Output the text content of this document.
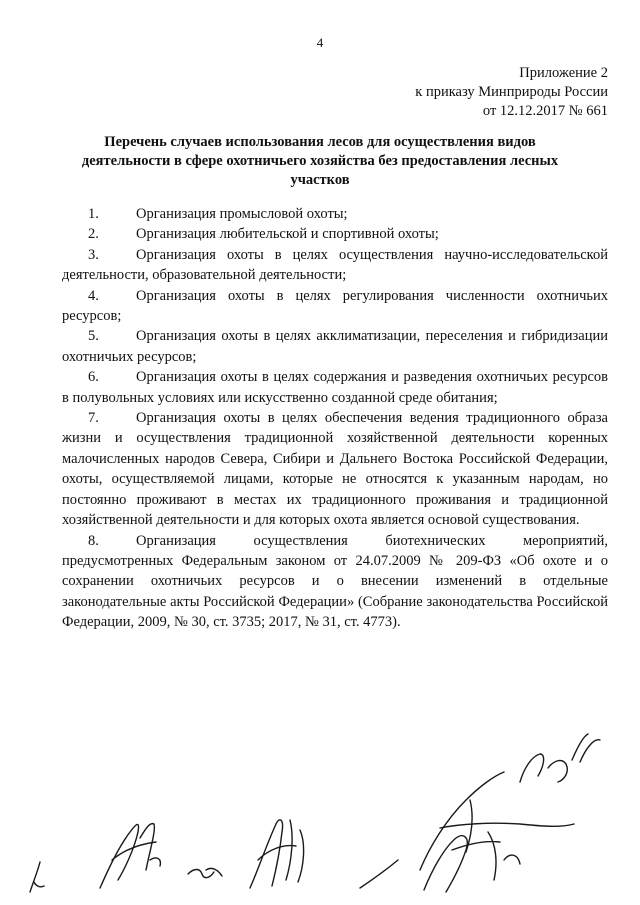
4
Приложение 2
к приказу Минприроды России
от 12.12.2017 № 661
Перечень случаев использования лесов для осуществления видов деятельности в сфере охотничьего хозяйства без предоставления лесных участков

1.	Организация промысловой охоты;

2.	Организация любительской и спортивной охоты;

3.	Организация охоты в целях осуществления научно-исследовательской деятельности, образовательной деятельности;

4.	Организация охоты в целях регулирования численности охотничьих ресурсов;

5.	Организация охоты в целях акклиматизации, переселения и гибридизации охотничьих ресурсов;

6.	Организация охоты в целях содержания и разведения охотничьих ресурсов в полувольных условиях или искусственно созданной среде обитания;

7.	Организация охоты в целях обеспечения ведения традиционного образа жизни и осуществления традиционной хозяйственной деятельности коренных малочисленных народов Севера, Сибири и Дальнего Востока Российской Федерации, охоты, осуществляемой лицами, которые не относятся к указанным народам, но постоянно проживают в местах их традиционного проживания и традиционной хозяйственной деятельности и для которых охота является основой существования.

8.	Организация осуществления биотехнических мероприятий, предусмотренных Федеральным законом от 24.07.2009 № 209-ФЗ «Об охоте и о сохранении охотничьих ресурсов и о внесении изменений в отдельные законодательные акты Российской Федерации» (Собрание законодательства Российской Федерации, 2009, № 30, ст. 3735; 2017, № 31, ст. 4773).
